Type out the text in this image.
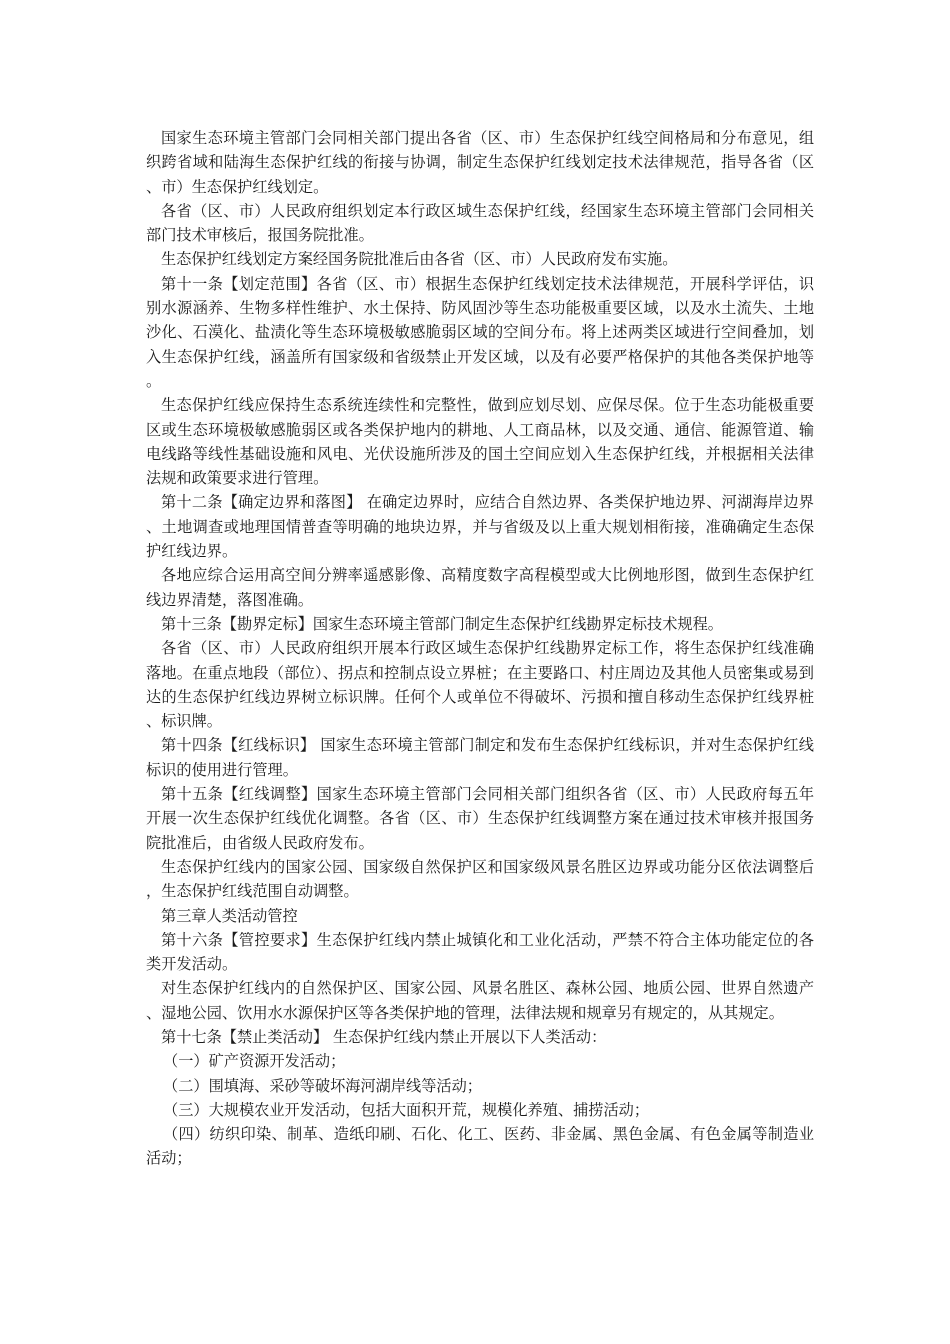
国家生态环境主管部门会同相关部门提出各省（区、市）生态保护红线空间格局和分布意见，组织跨省域和陆海生态保护红线的衔接与协调，制定生态保护红线划定技术法律规范，指导各省（区、市）生态保护红线划定。

各省（区、市）人民政府组织划定本行政区域生态保护红线，经国家生态环境主管部门会同相关部门技术审核后，报国务院批准。

生态保护红线划定方案经国务院批准后由各省（区、市）人民政府发布实施。

第十一条【划定范围】各省（区、市）根据生态保护红线划定技术法律规范，开展科学评估，识别水源涵养、生物多样性维护、水土保持、防风固沙等生态功能极重要区域，以及水土流失、土地沙化、石漠化、盐渍化等生态环境极敏感脆弱区域的空间分布。将上述两类区域进行空间叠加，划入生态保护红线，涵盖所有国家级和省级禁止开发区域，以及有必要严格保护的其他各类保护地等。

生态保护红线应保持生态系统连续性和完整性，做到应划尽划、应保尽保。位于生态功能极重要区或生态环境极敏感脆弱区或各类保护地内的耕地、人工商品林，以及交通、通信、能源管道、输电线路等线性基础设施和风电、光伏设施所涉及的国土空间应划入生态保护红线，并根据相关法律法规和政策要求进行管理。

第十二条【确定边界和落图】 在确定边界时，应结合自然边界、各类保护地边界、河湖海岸边界、土地调查或地理国情普查等明确的地块边界，并与省级及以上重大规划相衔接，准确确定生态保护红线边界。

各地应综合运用高空间分辨率遥感影像、高精度数字高程模型或大比例地形图，做到生态保护红线边界清楚，落图准确。

第十三条【勘界定标】国家生态环境主管部门制定生态保护红线勘界定标技术规程。

各省（区、市）人民政府组织开展本行政区域生态保护红线勘界定标工作，将生态保护红线准确落地。在重点地段（部位）、拐点和控制点设立界桩；在主要路口、村庄周边及其他人员密集或易到达的生态保护红线边界树立标识牌。任何个人或单位不得破坏、污损和擅自移动生态保护红线界桩、标识牌。

第十四条【红线标识】 国家生态环境主管部门制定和发布生态保护红线标识，并对生态保护红线标识的使用进行管理。

第十五条【红线调整】国家生态环境主管部门会同相关部门组织各省（区、市）人民政府每五年开展一次生态保护红线优化调整。各省（区、市）生态保护红线调整方案在通过技术审核并报国务院批准后，由省级人民政府发布。

生态保护红线内的国家公园、国家级自然保护区和国家级风景名胜区边界或功能分区依法调整后，生态保护红线范围自动调整。

第三章人类活动管控

第十六条【管控要求】生态保护红线内禁止城镇化和工业化活动，严禁不符合主体功能定位的各类开发活动。

对生态保护红线内的自然保护区、国家公园、风景名胜区、森林公园、地质公园、世界自然遗产、湿地公园、饮用水水源保护区等各类保护地的管理，法律法规和规章另有规定的，从其规定。

第十七条【禁止类活动】 生态保护红线内禁止开展以下人类活动：

（一）矿产资源开发活动；

（二）围填海、采砂等破坏海河湖岸线等活动；

（三）大规模农业开发活动，包括大面积开荒，规模化养殖、捕捞活动；

（四）纺织印染、制革、造纸印刷、石化、化工、医药、非金属、黑色金属、有色金属等制造业活动；
